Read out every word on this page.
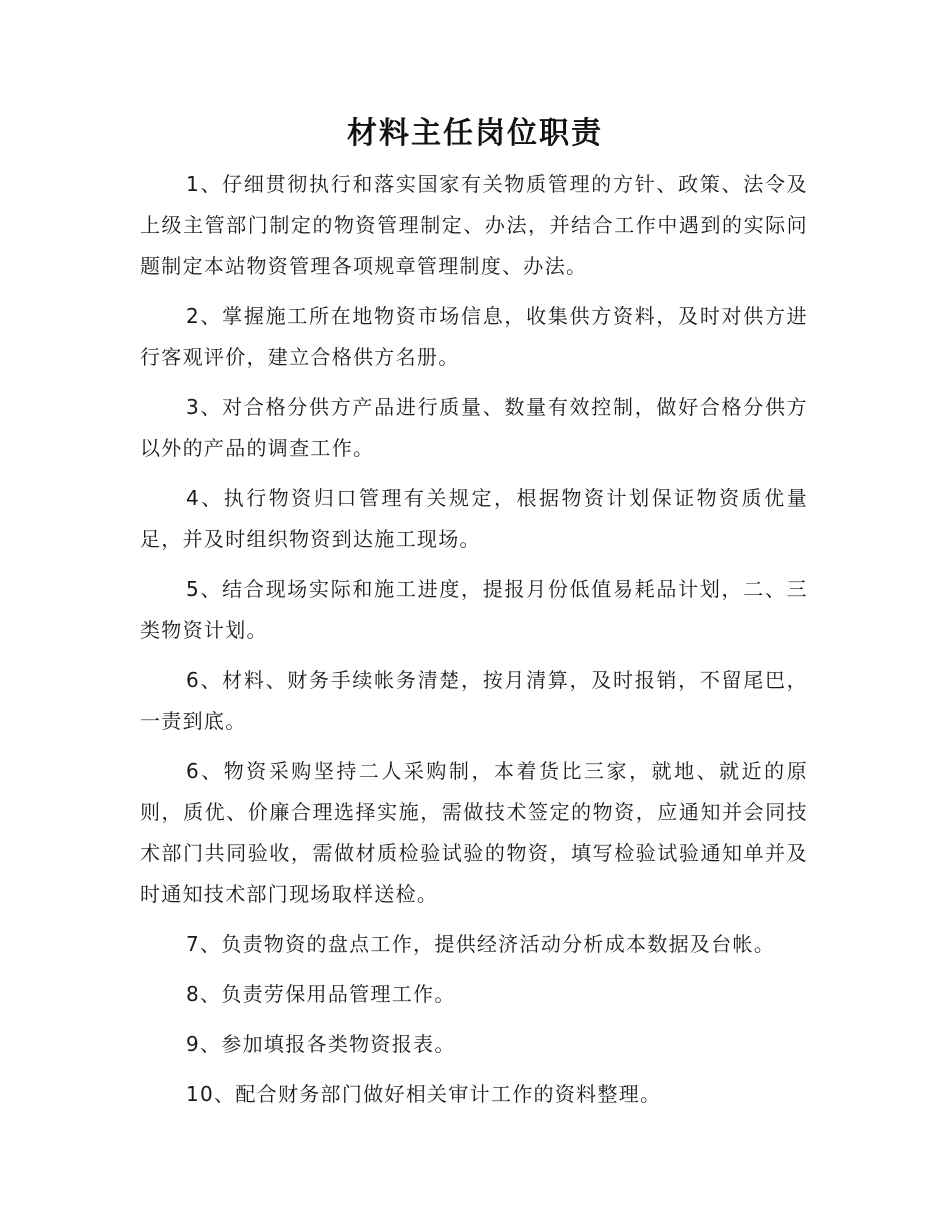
材料主任岗位职责

1、仔细贯彻执行和落实国家有关物质管理的方针、政策、法令及上级主管部门制定的物资管理制定、办法，并结合工作中遇到的实际问题制定本站物资管理各项规章管理制度、办法。

2、掌握施工所在地物资市场信息，收集供方资料，及时对供方进行客观评价，建立合格供方名册。

3、对合格分供方产品进行质量、数量有效控制，做好合格分供方以外的产品的调查工作。

4、执行物资归口管理有关规定，根据物资计划保证物资质优量足，并及时组织物资到达施工现场。

5、结合现场实际和施工进度，提报月份低值易耗品计划，二、三类物资计划。

6、材料、财务手续帐务清楚，按月清算，及时报销，不留尾巴，一责到底。

6、物资采购坚持二人采购制，本着货比三家，就地、就近的原则，质优、价廉合理选择实施，需做技术签定的物资，应通知并会同技术部门共同验收，需做材质检验试验的物资，填写检验试验通知单并及时通知技术部门现场取样送检。

7、负责物资的盘点工作，提供经济活动分析成本数据及台帐。

8、负责劳保用品管理工作。

9、参加填报各类物资报表。

10、配合财务部门做好相关审计工作的资料整理。
